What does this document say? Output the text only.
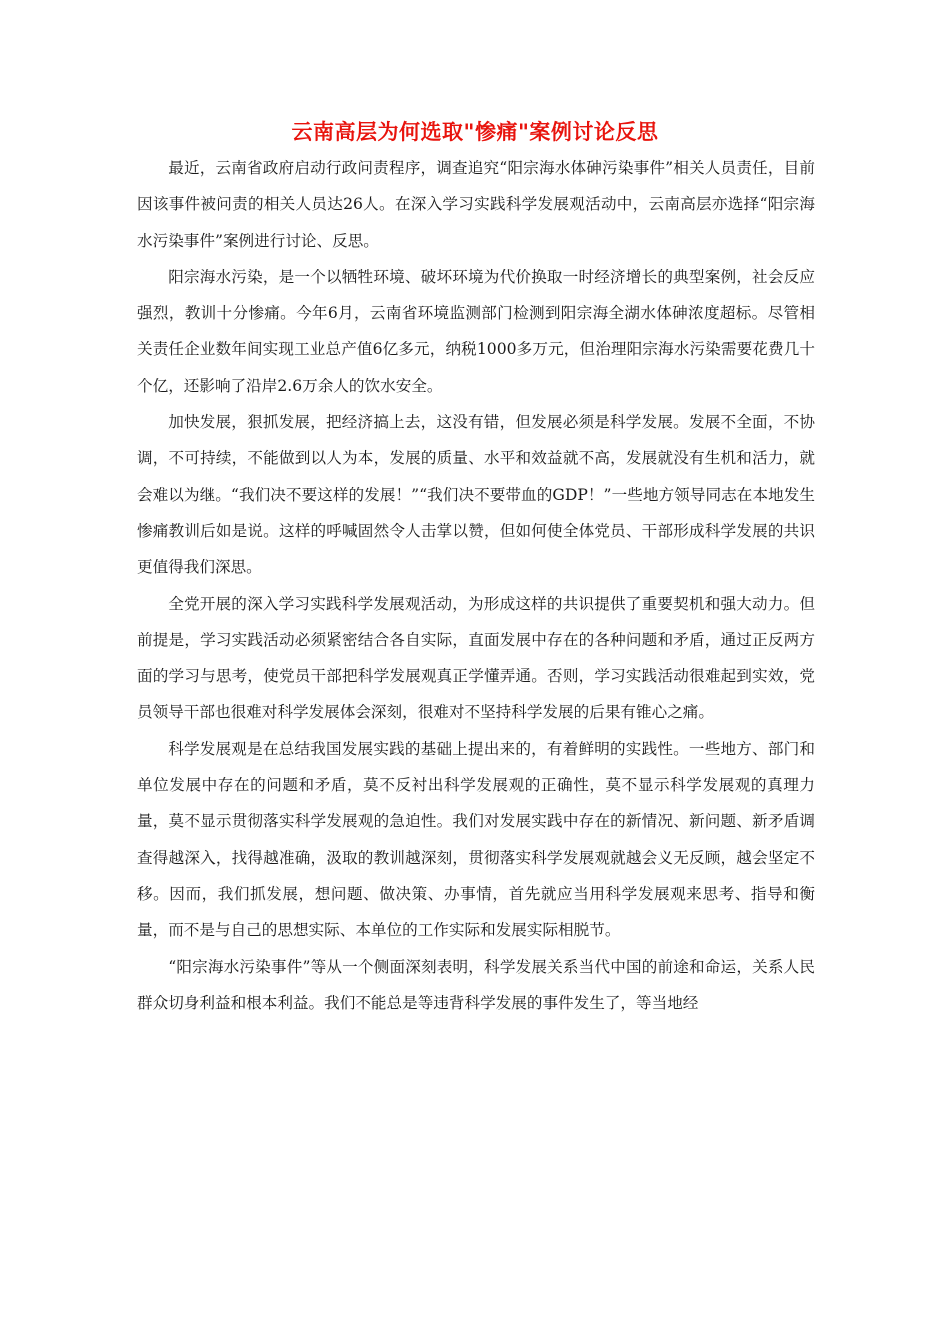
云南高层为何选取"惨痛"案例讨论反思

最近，云南省政府启动行政问责程序，调查追究“阳宗海水体砷污染事件”相关人员责任，目前因该事件被问责的相关人员达26人。在深入学习实践科学发展观活动中，云南高层亦选择“阳宗海水污染事件”案例进行讨论、反思。

阳宗海水污染，是一个以牺牲环境、破坏环境为代价换取一时经济增长的典型案例，社会反应强烈，教训十分惨痛。今年6月，云南省环境监测部门检测到阳宗海全湖水体砷浓度超标。尽管相关责任企业数年间实现工业总产值6亿多元，纳税1000多万元，但治理阳宗海水污染需要花费几十个亿，还影响了沿岸2.6万余人的饮水安全。

加快发展，狠抓发展，把经济搞上去，这没有错，但发展必须是科学发展。发展不全面，不协调，不可持续，不能做到以人为本，发展的质量、水平和效益就不高，发展就没有生机和活力，就会难以为继。“我们决不要这样的发展！”“我们决不要带血的GDP！”一些地方领导同志在本地发生惨痛教训后如是说。这样的呼喊固然令人击掌以赞，但如何使全体党员、干部形成科学发展的共识更值得我们深思。

全党开展的深入学习实践科学发展观活动，为形成这样的共识提供了重要契机和强大动力。但前提是，学习实践活动必须紧密结合各自实际，直面发展中存在的各种问题和矛盾，通过正反两方面的学习与思考，使党员干部把科学发展观真正学懂弄通。否则，学习实践活动很难起到实效，党员领导干部也很难对科学发展体会深刻，很难对不坚持科学发展的后果有锥心之痛。

科学发展观是在总结我国发展实践的基础上提出来的，有着鲜明的实践性。一些地方、部门和单位发展中存在的问题和矛盾，莫不反衬出科学发展观的正确性，莫不显示科学发展观的真理力量，莫不显示贯彻落实科学发展观的急迫性。我们对发展实践中存在的新情况、新问题、新矛盾调查得越深入，找得越准确，汲取的教训越深刻，贯彻落实科学发展观就越会义无反顾，越会坚定不移。因而，我们抓发展，想问题、做决策、办事情，首先就应当用科学发展观来思考、指导和衡量，而不是与自己的思想实际、本单位的工作实际和发展实际相脱节。

“阳宗海水污染事件”等从一个侧面深刻表明，科学发展关系当代中国的前途和命运，关系人民群众切身利益和根本利益。我们不能总是等违背科学发展的事件发生了，等当地经
